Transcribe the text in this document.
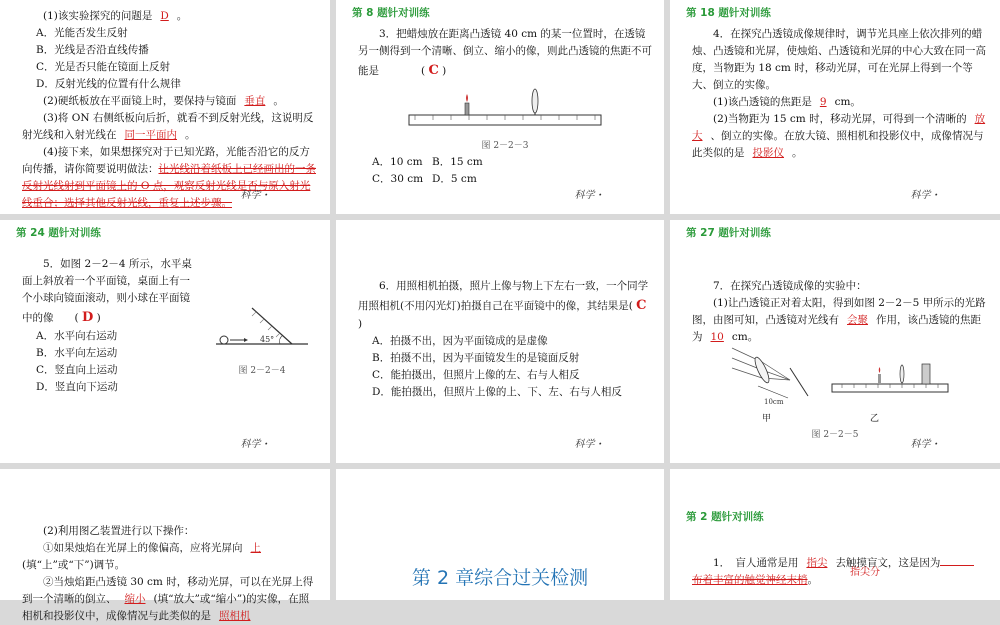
(1)该实验探究的问题是 D 。
A．光能否发生反射
B．光线是否沿直线传播
C．光是否只能在镜面上反射
D．反射光线的位置有什么规律
(2)硬纸板放在平面镜上时，要保持与镜面 垂直 。
(3)将 ON 右侧纸板向后折，就看不到反射光线，这说明反射光线和入射光线在 同一平面内 。
(4)接下来，如果想探究对于已知光路，光能否沿它的反方向传播，请你简要说明做法：让光线沿着纸板上已经画出的一条反射光线射到平面镜上的 O 点，观察反射光线是否与原入射光线重合；选择其他反射光线，重复上述步骤。
科学 ·
第 8 题针对训练
3．把蜡烛放在距离凸透镜 40 cm 的某一位置时，在透镜另一侧得到一个清晰、倒立、缩小的像，则此凸透镜的焦距不可能是　　　　	( C )
图 2－2－3
A．10 cm B．15 cm
C．30 cm D．5 cm
科学 ·
第 18 题针对训练
4．在探究凸透镜成像规律时，调节光具座上依次排列的蜡烛、凸透镜和光屏，使烛焰、凸透镜和光屏的中心大致在同一高度，当物距为 18 cm 时，移动光屏，可在光屏上得到一个等大、倒立的实像。
(1)该凸透镜的焦距是 9 cm。
(2)当物距为 15 cm 时，移动光屏，可得到一个清晰的 放大 、倒立的实像。在放大镜、照相机和投影仪中，成像情况与此类似的是 投影仪 。
科学 ·
第 24 题针对训练
5．如图 2－2－4 所示，水平桌面上斜放着一个平面镜，桌面上有一个小球向镜面滚动，则小球在平面镜中的像　　 ( D )
A．水平向右运动
B．水平向左运动
C．竖直向上运动
D．竖直向下运动
45°
图 2－2－4
科学 ·
6．用照相机拍摄，照片上像与物上下左右一致，一个同学用照相机(不用闪光灯)拍摄自己在平面镜中的像，其结果是( C )
A．拍摄不出，因为平面镜成的是虚像
B．拍摄不出，因为平面镜发生的是镜面反射
C．能拍摄出，但照片上像的左、右与人相反
D．能拍摄出，但照片上像的上、下、左、右与人相反
科学 ·
第 27 题针对训练
7．在探究凸透镜成像的实验中：
(1)让凸透镜正对着太阳，得到如图 2－2－5 甲所示的光路图，由图可知，凸透镜对光线有 会聚 作用，该凸透镜的焦距为 10 cm。
10cm
甲	乙
图 2－2－5
科学 ·
(2)利用图乙装置进行以下操作：
①如果烛焰在光屏上的像偏高，应将光屏向 上(填“上”或“下”)调节。
②当烛焰距凸透镜 30 cm 时，移动光屏，可以在光屏上得到一个清晰的倒立、 缩小 (填“放大”或“缩小”)的实像，在照相机和投影仪中，成像情况与此类似的是 照相机
第 2 章综合过关检测
第 2 题针对训练
1．　盲人通常是用 指尖 去触摸盲文，这是因为
布着丰富的触觉神经末梢。
指尖分
